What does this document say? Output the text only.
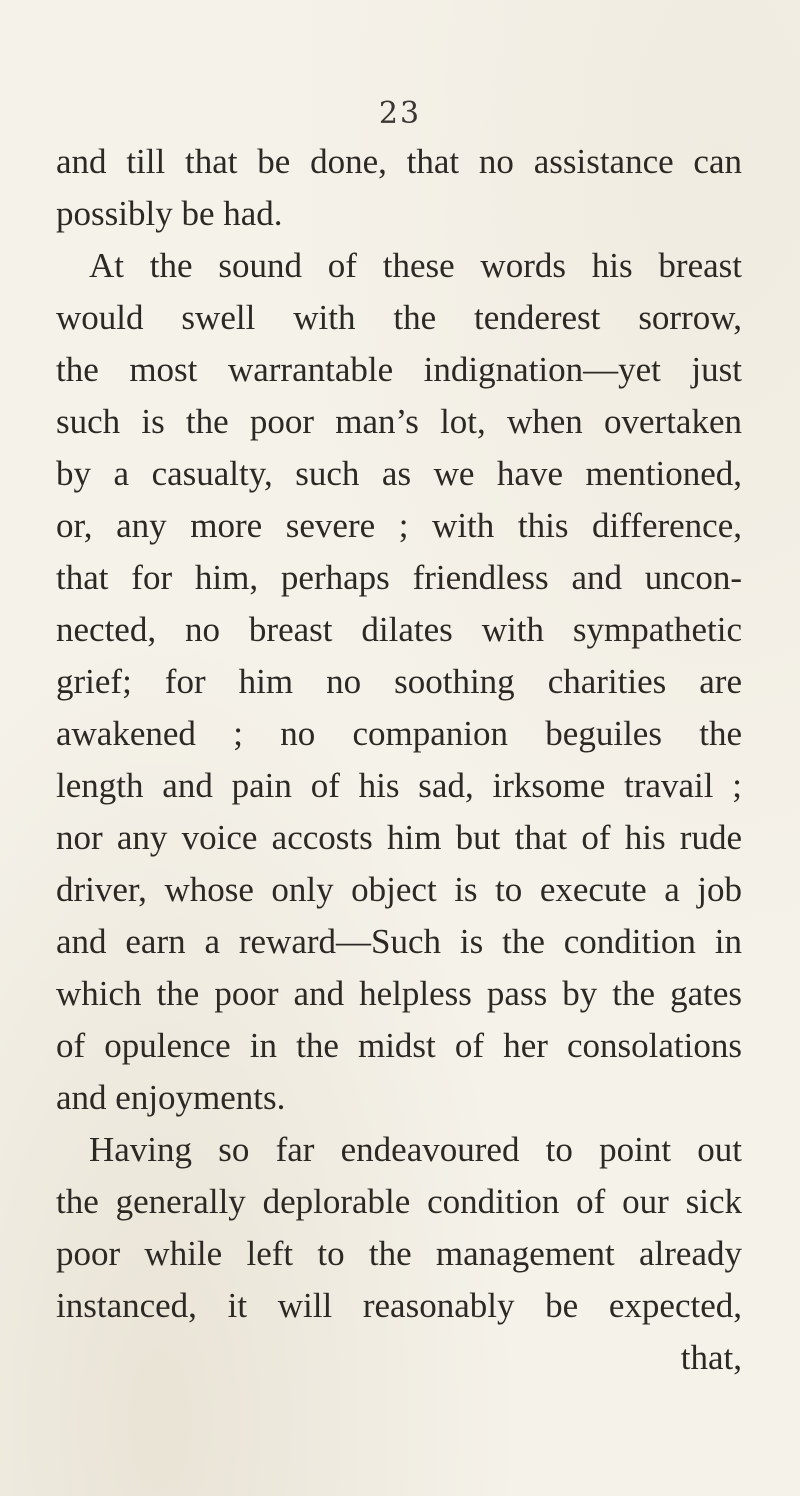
23
and till that be done, that no assistance can
possibly be had.
At the sound of these words his breast
would swell with the tenderest sorrow,
the most warrantable indignation—yet just
such is the poor man’s lot, when overtaken
by a casualty, such as we have mentioned,
or, any more severe ; with this difference,
that for him, perhaps friendless and uncon-
nected, no breast dilates with sympathetic
grief; for him no soothing charities are
awakened ; no companion beguiles the
length and pain of his sad, irksome travail ;
nor any voice accosts him but that of his rude
driver, whose only object is to execute a job
and earn a reward—Such is the condition in
which the poor and helpless pass by the gates
of opulence in the midst of her consolations
and enjoyments.
Having so far endeavoured to point out
the generally deplorable condition of our sick
poor while left to the management already
instanced, it will reasonably be expected,
that,
